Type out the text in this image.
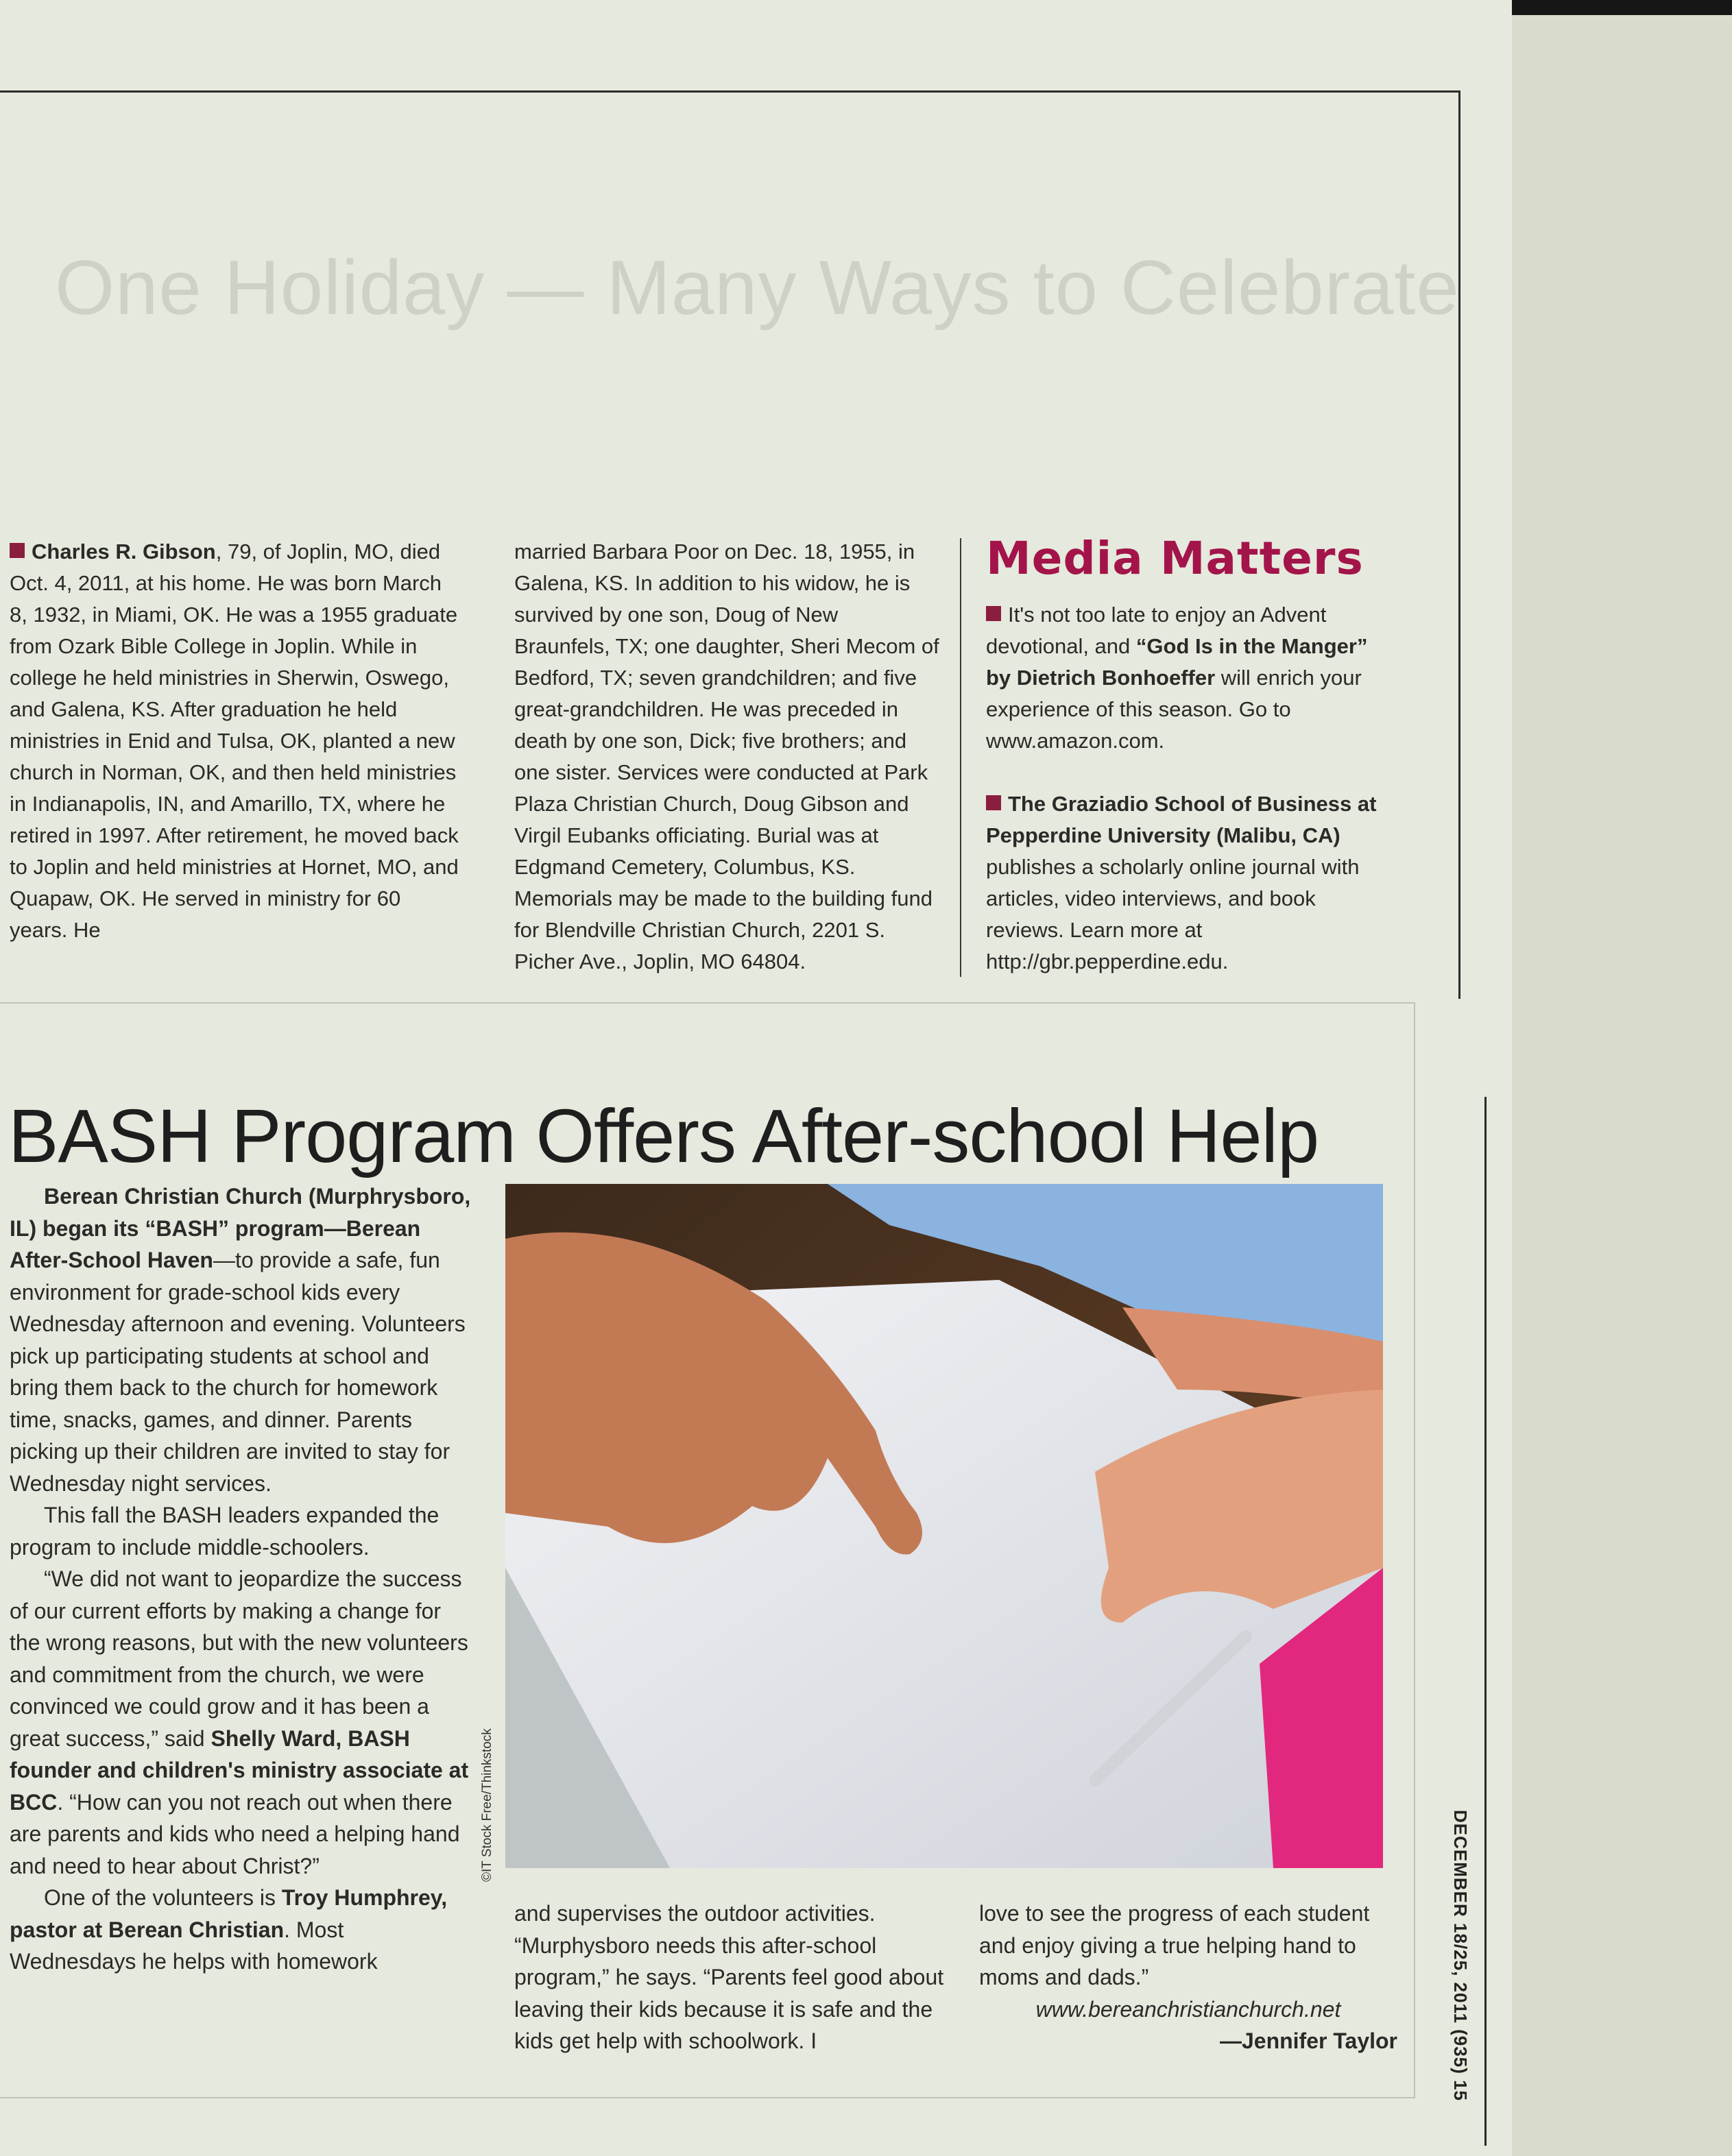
One Holiday — Many Ways to Celebrate

Charles R. Gibson, 79, of Joplin, MO, died Oct. 4, 2011, at his home. He was born March 8, 1932, in Miami, OK. He was a 1955 graduate from Ozark Bible College in Joplin. While in college he held ministries in Sherwin, Oswego, and Galena, KS. After graduation he held ministries in Enid and Tulsa, OK, planted a new church in Norman, OK, and then held ministries in Indianapolis, IN, and Amarillo, TX, where he retired in 1997. After retirement, he moved back to Joplin and held ministries at Hornet, MO, and Quapaw, OK. He served in ministry for 60 years. He

married Barbara Poor on Dec. 18, 1955, in Galena, KS. In addition to his widow, he is survived by one son, Doug of New Braunfels, TX; one daughter, Sheri Mecom of Bedford, TX; seven grandchildren; and five great-grandchildren. He was preceded in death by one son, Dick; five brothers; and one sister. Services were conducted at Park Plaza Christian Church, Doug Gibson and Virgil Eubanks officiating. Burial was at Edgmand Cemetery, Columbus, KS. Memorials may be made to the building fund for Blendville Christian Church, 2201 S. Picher Ave., Joplin, MO 64804.

Media Matters

It's not too late to enjoy an Advent devotional, and “God Is in the Manger” by Dietrich Bonhoeffer will enrich your experience of this season. Go to www.amazon.com.

The Graziadio School of Business at Pepperdine University (Malibu, CA) publishes a scholarly online journal with articles, video interviews, and book reviews. Learn more at http://gbr.pepperdine.edu.

BASH Program Offers After-school Help

Berean Christian Church (Murphrysboro, IL) began its “BASH” program—Berean After-School Haven—to provide a safe, fun environment for grade-school kids every Wednesday afternoon and evening. Volunteers pick up participating students at school and bring them back to the church for homework time, snacks, games, and dinner. Parents picking up their children are invited to stay for Wednesday night services.

This fall the BASH leaders expanded the program to include middle-schoolers.

“We did not want to jeopardize the success of our current efforts by making a change for the wrong reasons, but with the new volunteers and commitment from the church, we were convinced we could grow and it has been a great success,” said Shelly Ward, BASH founder and children's ministry associate at BCC. “How can you not reach out when there are parents and kids who need a helping hand and need to hear about Christ?”

One of the volunteers is Troy Humphrey, pastor at Berean Christian. Most Wednesdays he helps with homework

©IT Stock Free/Thinkstock

and supervises the outdoor activities. “Murphysboro needs this after-school program,” he says. “Parents feel good about leaving their kids because it is safe and the kids get help with schoolwork. I

love to see the progress of each student and enjoy giving a true helping hand to moms and dads.”

www.bereanchristianchurch.net

—Jennifer Taylor	DECEMBER 18/25, 2011 (935) 15
